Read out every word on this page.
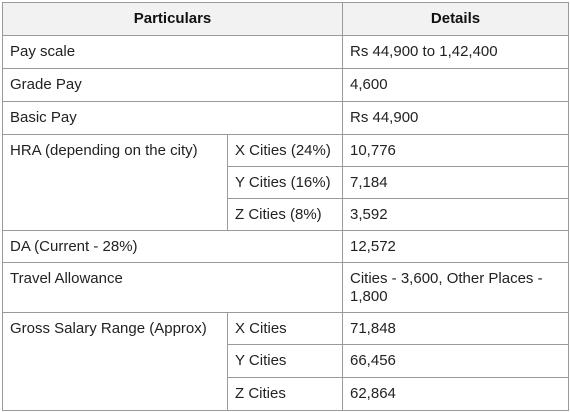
Particulars		Details
Pay scale		Rs 44,900 to 1,42,400
Grade Pay		4,600
Basic Pay		Rs 44,900
HRA (depending on the city)	X Cities (24%)	10,776
	Y Cities (16%)	7,184
	Z Cities (8%)	3,592
DA (Current - 28%)		12,572
Travel Allowance		Cities - 3,600, Other Places - 1,800
Gross Salary Range (Approx)	X Cities	71,848
	Y Cities	66,456
	Z Cities	62,864
